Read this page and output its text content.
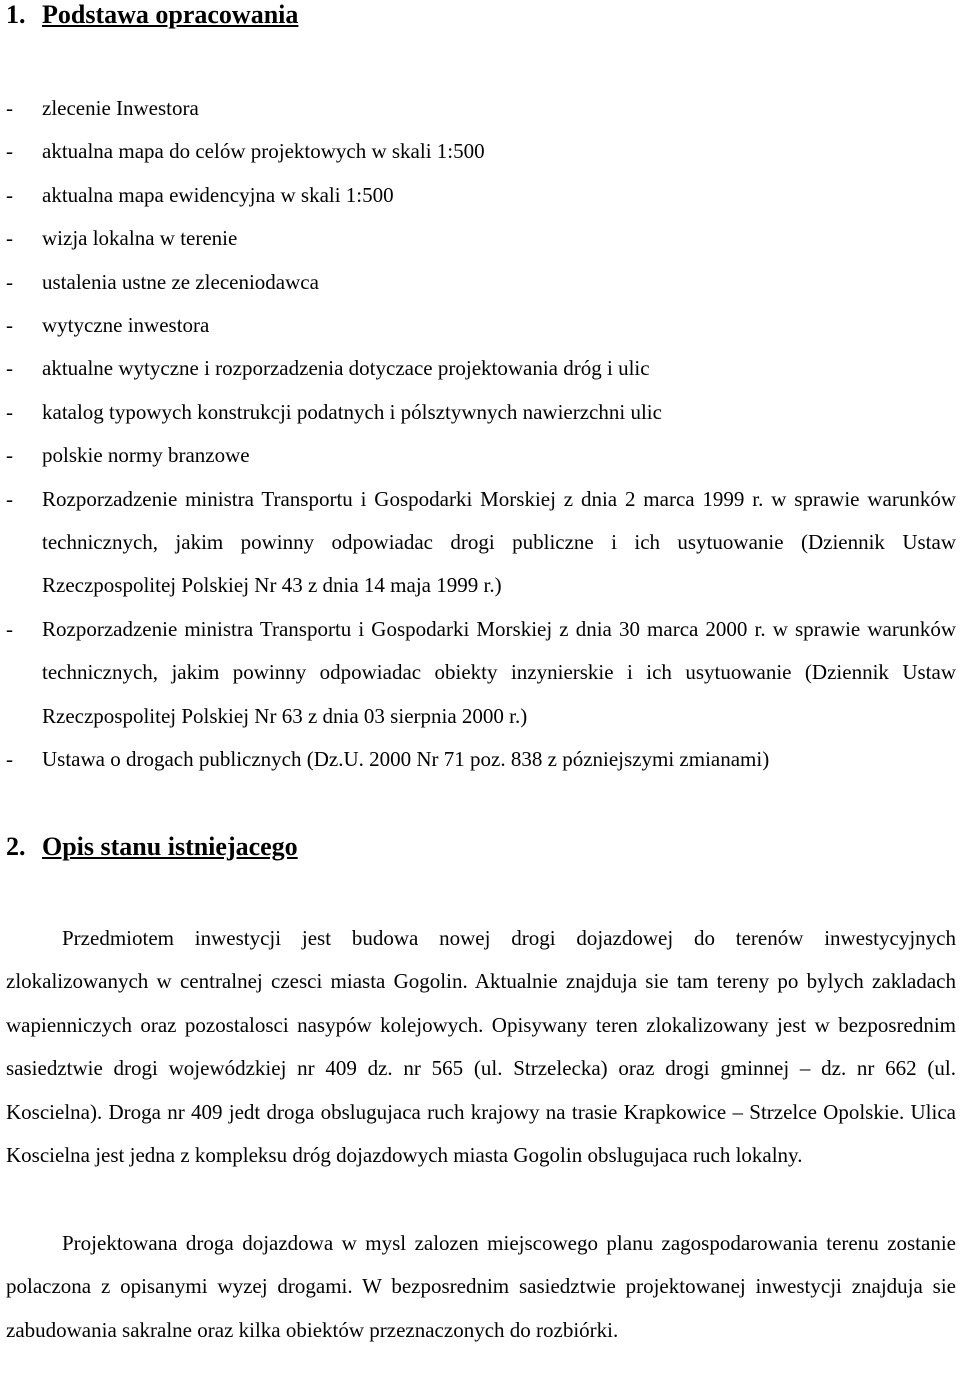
1. Podstawa opracowania
- zlecenie Inwestora
- aktualna mapa do celów projektowych w skali 1:500
- aktualna mapa ewidencyjna w skali 1:500
- wizja lokalna w terenie
- ustalenia ustne ze zleceniodawca
- wytyczne inwestora
- aktualne wytyczne i rozporzadzenia dotyczace projektowania dróg i ulic
- katalog typowych konstrukcji podatnych i pólsztywnych nawierzchni ulic
- polskie normy branzowe
- Rozporzadzenie ministra Transportu i Gospodarki Morskiej z dnia 2 marca 1999 r. w sprawie warunków technicznych, jakim powinny odpowiadac drogi publiczne i ich usytuowanie (Dziennik Ustaw Rzeczpospolitej Polskiej Nr 43 z dnia 14 maja 1999 r.)
- Rozporzadzenie ministra Transportu i Gospodarki Morskiej z dnia 30 marca 2000 r. w sprawie warunków technicznych, jakim powinny odpowiadac obiekty inzynierskie i ich usytuowanie (Dziennik Ustaw Rzeczpospolitej Polskiej Nr 63 z dnia 03 sierpnia 2000 r.)
- Ustawa o drogach publicznych (Dz.U. 2000 Nr 71 poz. 838 z pózniejszymi zmianami)
2. Opis stanu istniejacego

Przedmiotem inwestycji jest budowa nowej drogi dojazdowej do terenów inwestycyjnych zlokalizowanych w centralnej czesci miasta Gogolin. Aktualnie znajduja sie tam tereny po bylych zakladach wapienniczych oraz pozostalosci nasypów kolejowych. Opisywany teren zlokalizowany jest w bezposrednim sasiedztwie drogi wojewódzkiej nr 409 dz. nr 565 (ul. Strzelecka) oraz drogi gminnej – dz. nr 662 (ul. Koscielna). Droga nr 409 jedt droga obslugujaca ruch krajowy na trasie Krapkowice – Strzelce Opolskie. Ulica Koscielna jest jedna z kompleksu dróg dojazdowych miasta Gogolin obslugujaca ruch lokalny.

Projektowana droga dojazdowa w mysl zalozen miejscowego planu zagospodarowania terenu zostanie polaczona z opisanymi wyzej drogami. W bezposrednim sasiedztwie projektowanej inwestycji znajduja sie zabudowania sakralne oraz kilka obiektów przeznaczonych do rozbiórki.
